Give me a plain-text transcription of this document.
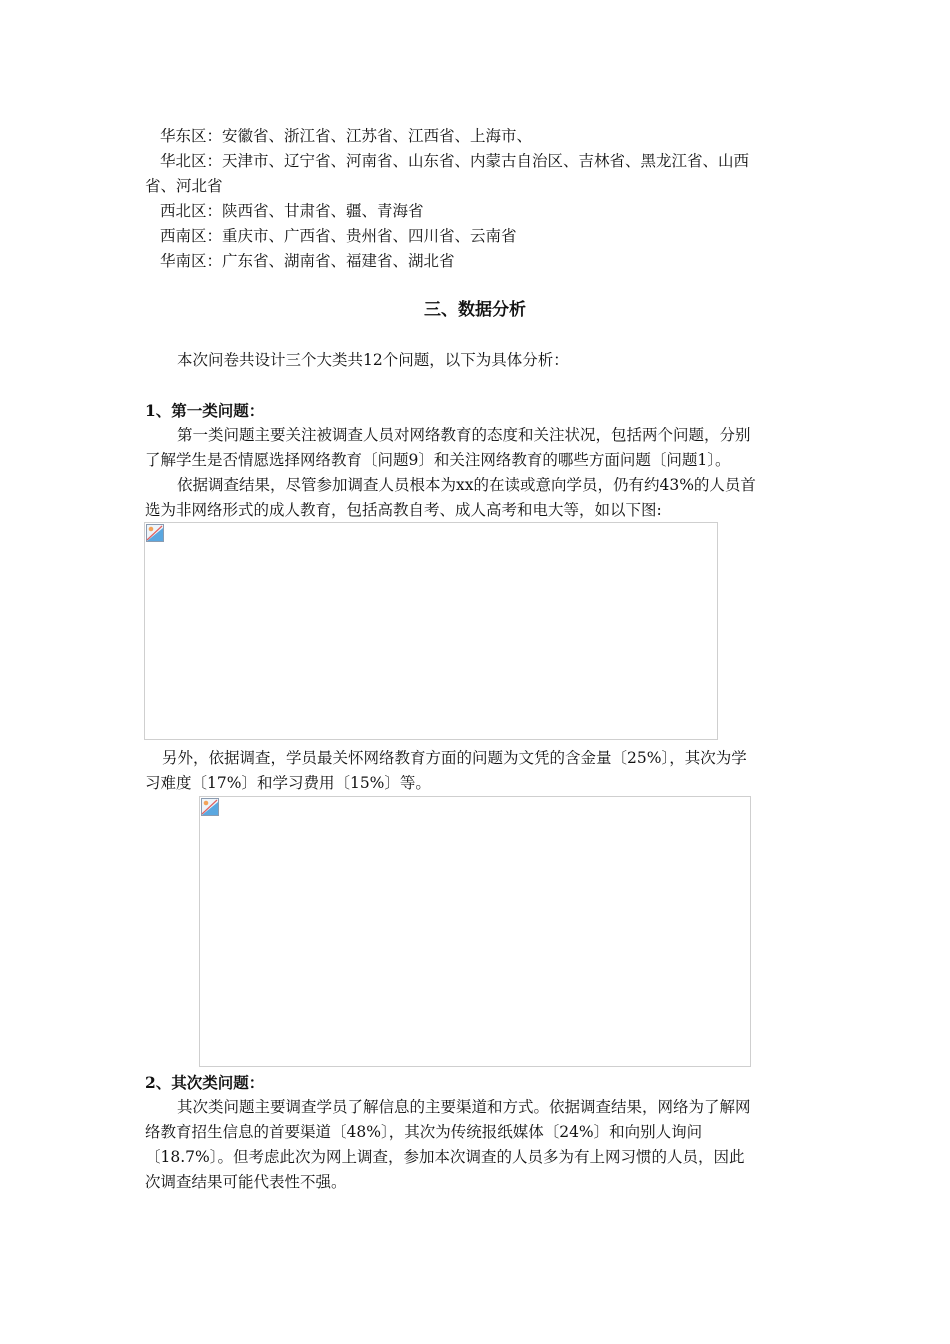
华东区：安徽省、浙江省、江苏省、江西省、上海市、
华北区：天津市、辽宁省、河南省、山东省、内蒙古自治区、吉林省、黑龙江省、山西
省、河北省
西北区：陕西省、甘肃省、疆、青海省
西南区：重庆市、广西省、贵州省、四川省、云南省
华南区：广东省、湖南省、福建省、湖北省
三、数据分析
本次问卷共设计三个大类共12个问题，以下为具体分析：
1、第一类问题：
第一类问题主要关注被调查人员对网络教育的态度和关注状况，包括两个问题，分别
了解学生是否情愿选择网络教育〔问题9〕和关注网络教育的哪些方面问题〔问题1〕。
依据调查结果，尽管参加调查人员根本为xx的在读或意向学员，仍有约43%的人员首
选为非网络形式的成人教育，包括高教自考、成人高考和电大等，如以下图:
另外，依据调查，学员最关怀网络教育方面的问题为文凭的含金量〔25%〕，其次为学
习难度〔17%〕和学习费用〔15%〕等。
2、其次类问题：
其次类问题主要调查学员了解信息的主要渠道和方式。依据调查结果，网络为了解网
络教育招生信息的首要渠道〔48%〕，其次为传统报纸媒体〔24%〕和向别人询问
〔18.7%〕。但考虑此次为网上调查，参加本次调查的人员多为有上网习惯的人员，因此
次调查结果可能代表性不强。
